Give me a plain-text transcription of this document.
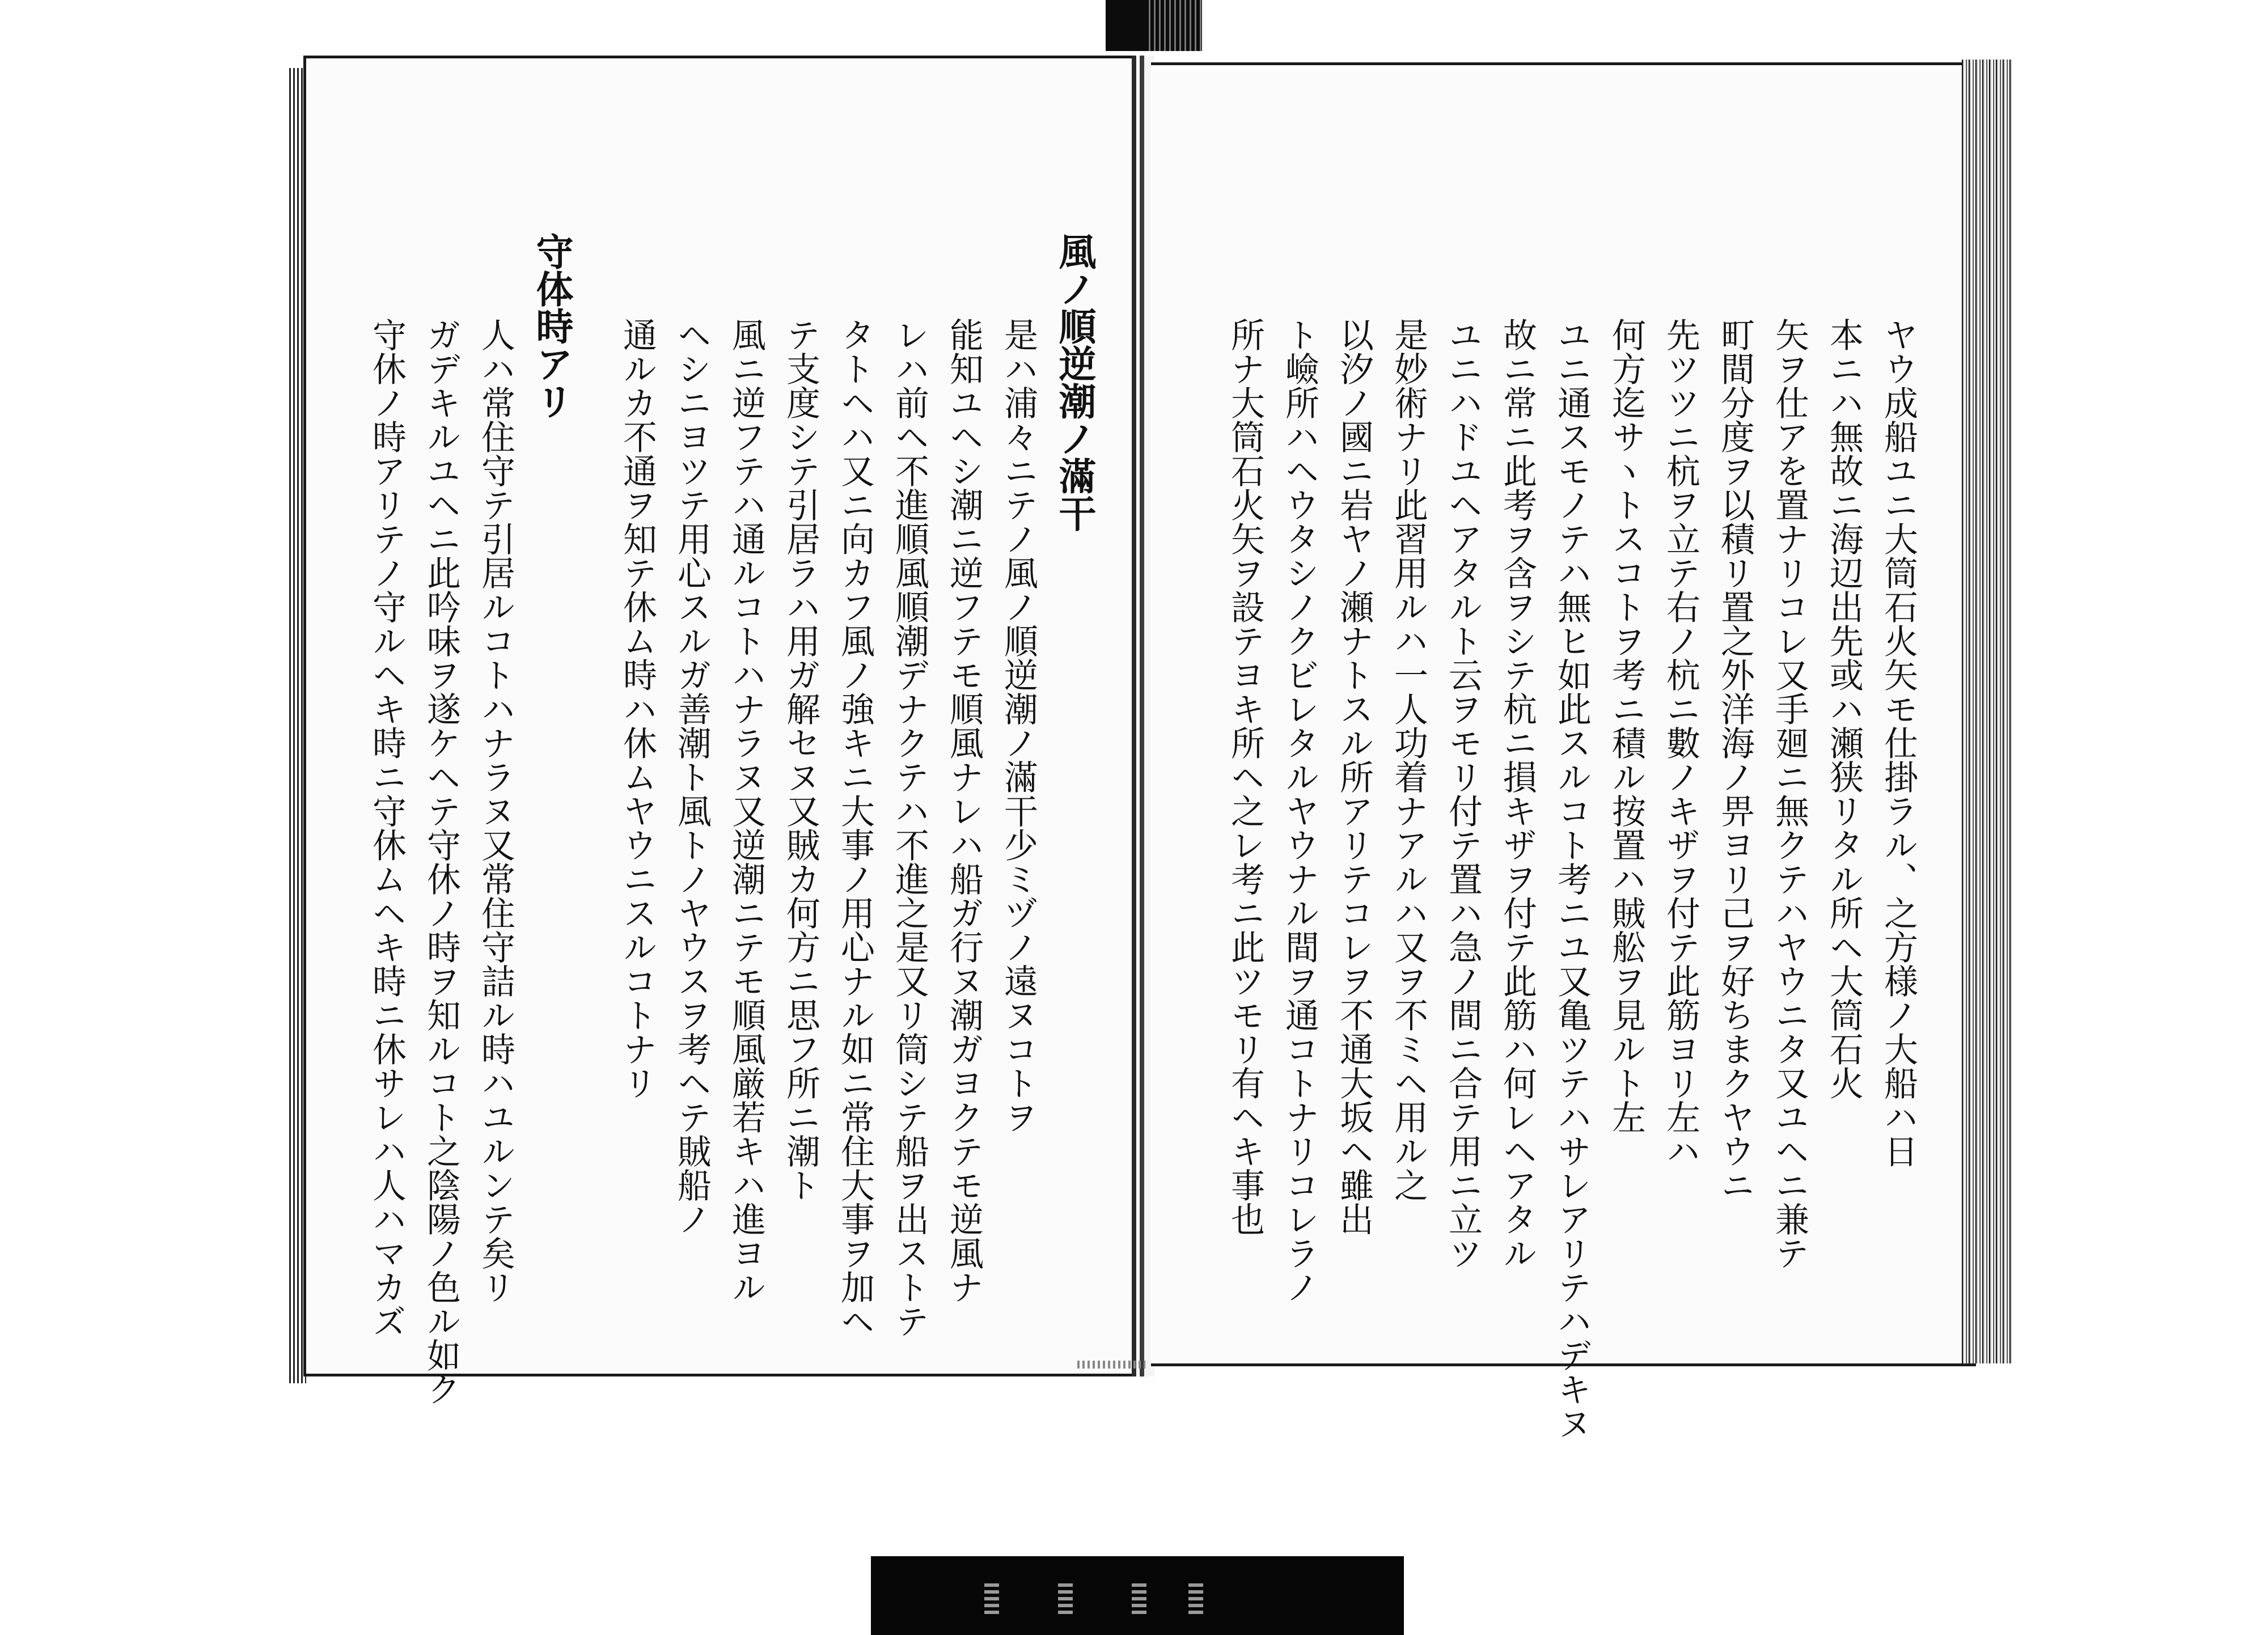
ヤウ成船ユニ大筒石火矢モ仕掛ラル、之方様ノ大船ハ日
本ニハ無故ニ海辺出先或ハ瀬狭リタル所ヘ大筒石火
矢ヲ仕アを置ナリコレ又手廻ニ無クテハヤウニタ又ユヘニ兼テ
町間分度ヲ以積リ置之外洋海ノ畀ヨリ己ヲ好ちまクヤウニ
先ツツニ杭ヲ立テ右ノ杭ニ數ノキザヲ付テ此筋ヨリ左ハ
何方迄サヽトスコトヲ考ニ積ル按置ハ賊舩ヲ見ルト左
ユニ通スモノテハ無ヒ如此スルコト考ニユ又亀ツテハサレアリテハデキヌ
故ニ常ニ此考ヲ含ヲシテ杭ニ損キザヲ付テ此筋ハ何レヘアタル
ユニハドユヘアタルト云ヲモリ付テ置ハ急ノ間ニ合テ用ニ立ツ
是妙術ナリ此習用ルハ一人功着ナアルハ又ヲ不ミヘ用ル之
以汐ノ國ニ岩ヤノ瀬ナトスル所アリテコレヲ不通大坂ヘ雖出
ト嶮所ハヘウタシノクビレタルヤウナル間ヲ通コトナリコレラノ
所ナ大筒石火矢ヲ設テヨキ所ヘ之レ考ニ此ツモリ有ヘキ事也
風ノ順逆潮ノ滿干
是ハ浦々ニテノ風ノ順逆潮ノ滿干少ミヅノ遠ヌコトヲ
能知ユヘシ潮ニ逆フテモ順風ナレハ船ガ行ヌ潮ガヨクテモ逆風ナ
レハ前ヘ不進順風順潮デナクテハ不進之是又リ筒シテ船ヲ出ストテ
タトヘハ又ニ向カフ風ノ強キニ大事ノ用心ナル如ニ常住大事ヲ加ヘ
テ支度シテ引居ラハ用ガ解セヌ又賊カ何方ニ思フ所ニ潮ト
風ニ逆フテハ通ルコトハナラヌ又逆潮ニテモ順風厳若キハ進ヨル
ヘシニヨツテ用心スルガ善潮ト風トノヤウスヲ考ヘテ賊船ノ
通ルカ不通ヲ知テ休ム時ハ休ムヤウニスルコトナリ
守体時アリ
人ハ常住守テ引居ルコトハナラヌ又常住守詰ル時ハユルンテ矣リ
ガデキルユヘニ此吟味ヲ遂ケヘテ守休ノ時ヲ知ルコト之陰陽ノ色ル如ク
守休ノ時アリテノ守ルヘキ時ニ守休ムヘキ時ニ休サレハ人ハマカズ
